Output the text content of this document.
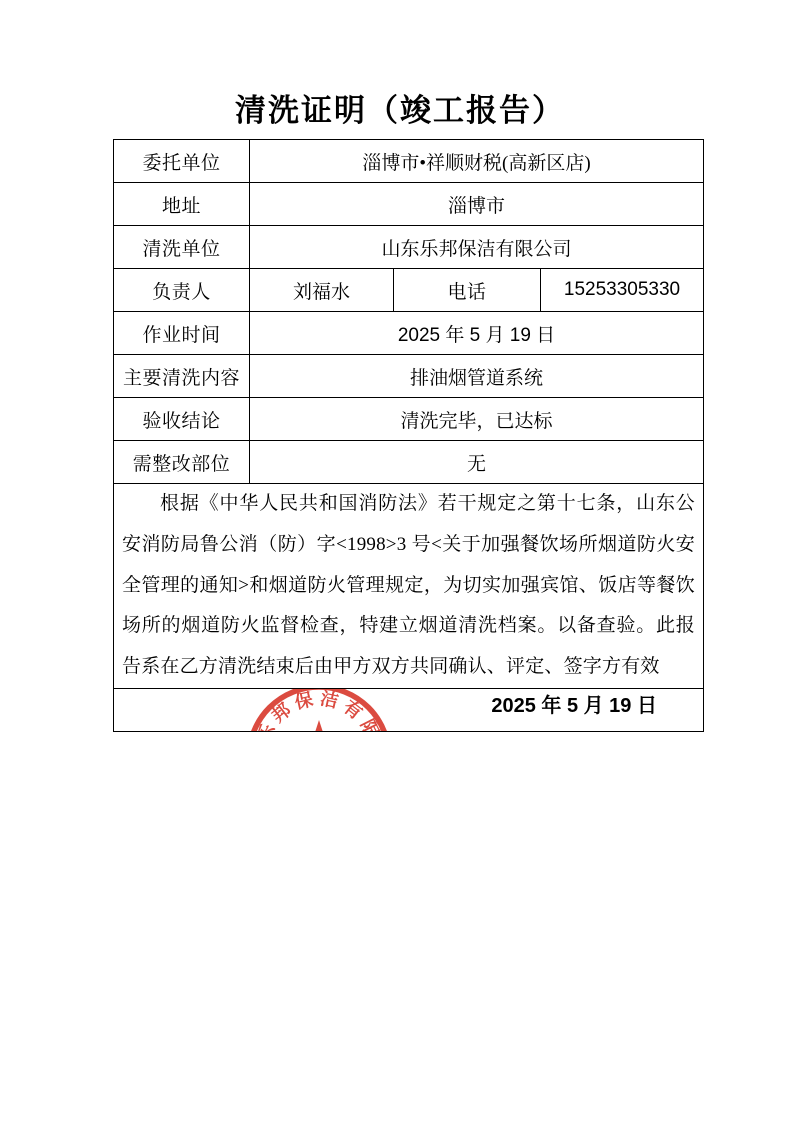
清洗证明（竣工报告）
委托单位	淄博市•祥顺财税(高新区店)		
地址	淄博市		
清洗单位	山东乐邦保洁有限公司		
负责人	刘福水	电话	15253305330
作业时间	2025 年 5 月 19 日		
主要清洗内容	排油烟管道系统		
验收结论	清洗完毕，已达标		
需整改部位	无		

根据《中华人民共和国消防法》若干规定之第十七条，山东公安消防局鲁公消（防）字<1998>3 号<关于加强餐饮场所烟道防火安全管理的通知>和烟道防火管理规定，为切实加强宾馆、饭店等餐饮场所的烟道防火监督检查，特建立烟道清洗档案。以备查验。此报告系在乙方清洗结束后由甲方双方共同确认、评定、签字方有效			

山东乐邦保洁有限公司
3703073109975
2025 年 5 月 19 日			
